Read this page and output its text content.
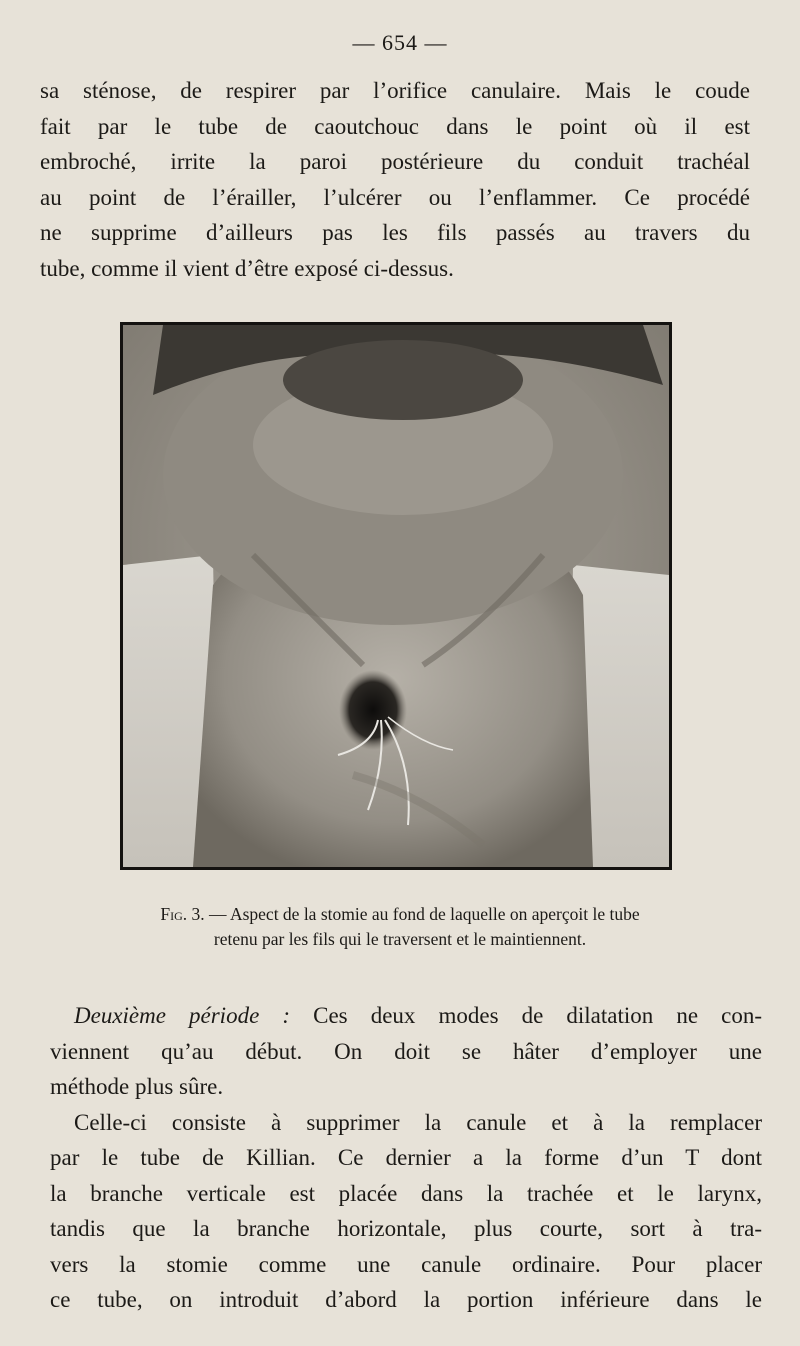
— 654 —

sa sténose, de respirer par l’orifice canulaire. Mais le coude
fait par le tube de caoutchouc dans le point où il est
embroché, irrite la paroi postérieure du conduit trachéal
au point de l’érailler, l’ulcérer ou l’enflammer. Ce procédé
ne supprime d’ailleurs pas les fils passés au travers du
tube, comme il vient d’être exposé ci-dessus.

Fig. 3. — Aspect de la stomie au fond de laquelle on aperçoit le tube
retenu par les fils qui le traversent et le maintiennent.
Deuxième période : Ces deux modes de dilatation ne con-
viennent qu’au début. On doit se hâter d’employer une
méthode plus sûre.
Celle-ci consiste à supprimer la canule et à la remplacer
par le tube de Killian. Ce dernier a la forme d’un T dont
la branche verticale est placée dans la trachée et le larynx,
tandis que la branche horizontale, plus courte, sort à tra-
vers la stomie comme une canule ordinaire. Pour placer
ce tube, on introduit d’abord la portion inférieure dans le
